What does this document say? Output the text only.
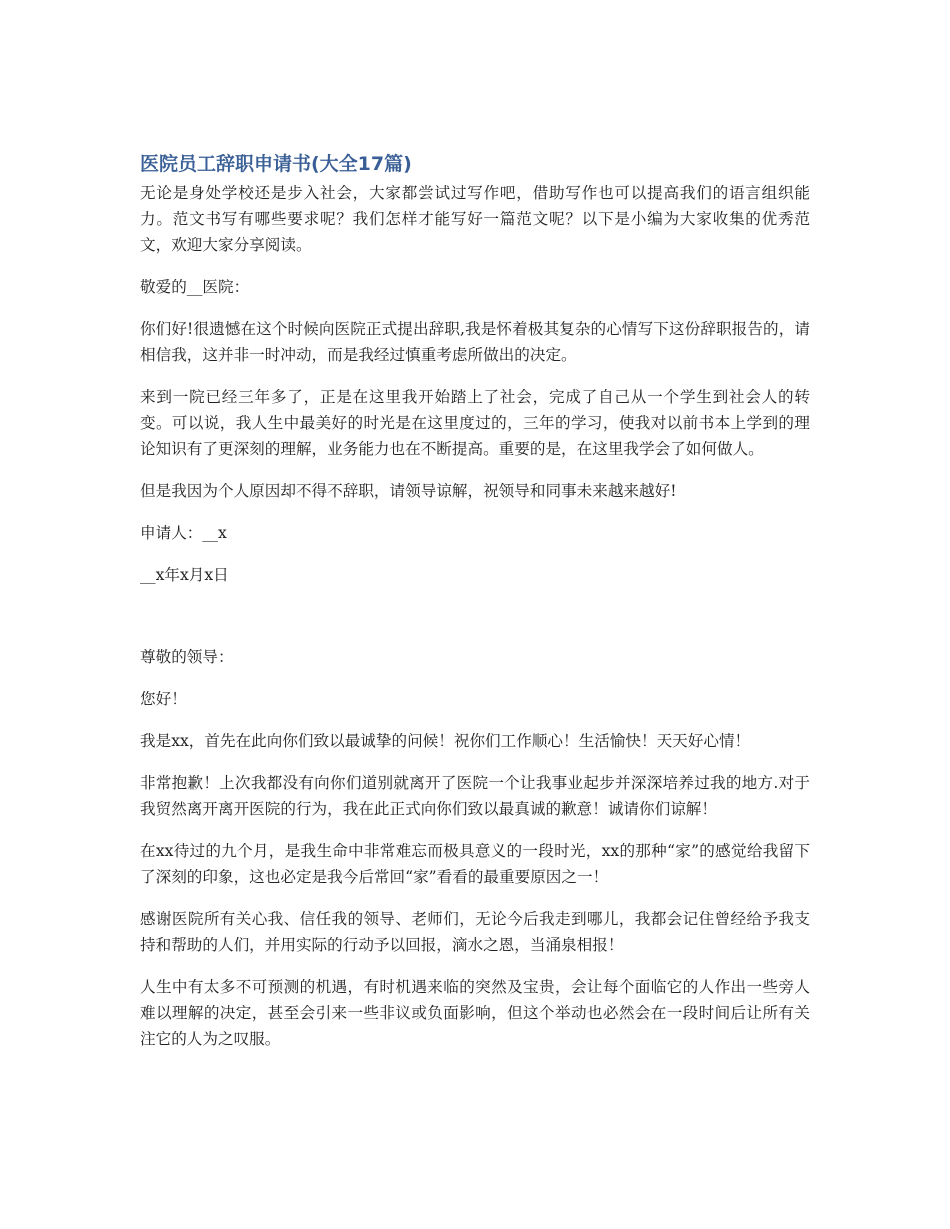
医院员工辞职申请书(大全17篇)

无论是身处学校还是步入社会，大家都尝试过写作吧，借助写作也可以提高我们的语言组织能力。范文书写有哪些要求呢？我们怎样才能写好一篇范文呢？以下是小编为大家收集的优秀范文，欢迎大家分享阅读。

敬爱的__医院：

你们好!很遗憾在这个时候向医院正式提出辞职,我是怀着极其复杂的心情写下这份辞职报告的，请相信我，这并非一时冲动，而是我经过慎重考虑所做出的决定。

来到一院已经三年多了，正是在这里我开始踏上了社会，完成了自己从一个学生到社会人的转变。可以说，我人生中最美好的时光是在这里度过的，三年的学习，使我对以前书本上学到的理论知识有了更深刻的理解，业务能力也在不断提高。重要的是，在这里我学会了如何做人。

但是我因为个人原因却不得不辞职，请领导谅解，祝领导和同事未来越来越好!

申请人：__x

__x年x月x日

尊敬的领导：

您好！

我是xx，首先在此向你们致以最诚挚的问候！祝你们工作顺心！生活愉快！天天好心情！

非常抱歉！上次我都没有向你们道别就离开了医院一个让我事业起步并深深培养过我的地方.对于我贸然离开离开医院的行为，我在此正式向你们致以最真诚的歉意！诚请你们谅解！

在xx待过的九个月，是我生命中非常难忘而极具意义的一段时光，xx的那种“家”的感觉给我留下了深刻的印象，这也必定是我今后常回“家”看看的最重要原因之一！

感谢医院所有关心我、信任我的领导、老师们，无论今后我走到哪儿，我都会记住曾经给予我支持和帮助的人们，并用实际的行动予以回报，滴水之恩，当涌泉相报！

人生中有太多不可预测的机遇，有时机遇来临的突然及宝贵，会让每个面临它的人作出一些旁人难以理解的决定，甚至会引来一些非议或负面影响，但这个举动也必然会在一段时间后让所有关注它的人为之叹服。
